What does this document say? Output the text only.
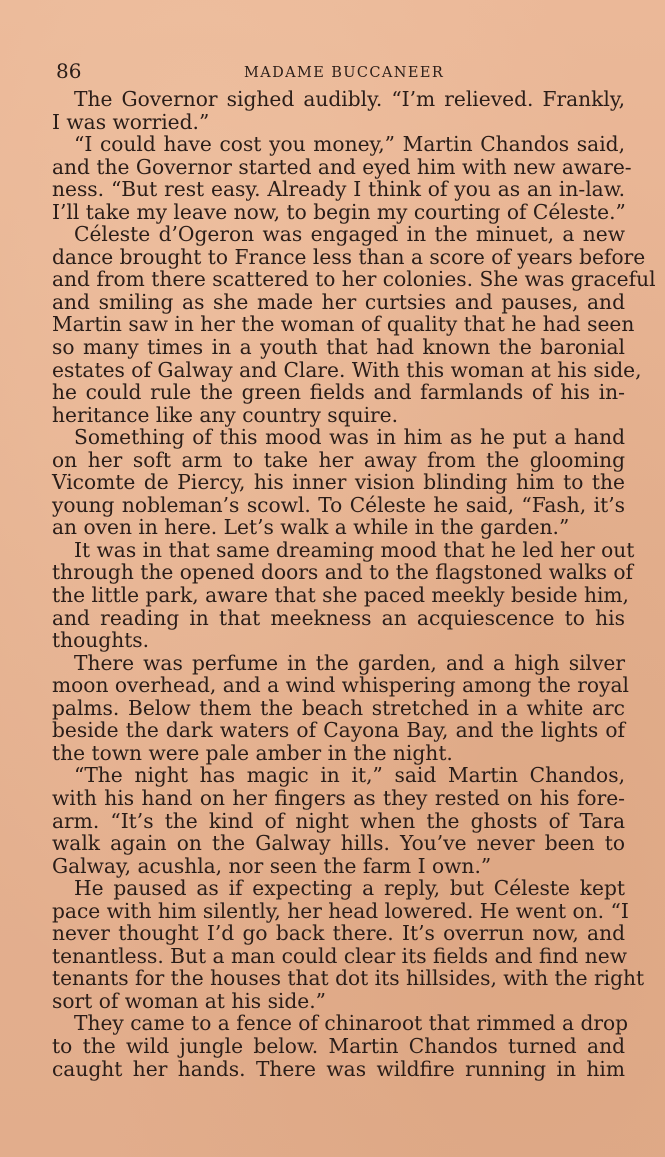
86	MADAME BUCCANEER
The Governor sighed audibly. “I’m relieved. Frankly,
I was worried.”
“I could have cost you money,” Martin Chandos said,
and the Governor started and eyed him with new aware-
ness. “But rest easy. Already I think of you as an in-law.
I’ll take my leave now, to begin my courting of Céleste.”
Céleste d’Ogeron was engaged in the minuet, a new
dance brought to France less than a score of years before
and from there scattered to her colonies. She was graceful
and smiling as she made her curtsies and pauses, and
Martin saw in her the woman of quality that he had seen
so many times in a youth that had known the baronial
estates of Galway and Clare. With this woman at his side,
he could rule the green fields and farmlands of his in-
heritance like any country squire.
Something of this mood was in him as he put a hand
on her soft arm to take her away from the glooming
Vicomte de Piercy, his inner vision blinding him to the
young nobleman’s scowl. To Céleste he said, “Fash, it’s
an oven in here. Let’s walk a while in the garden.”
It was in that same dreaming mood that he led her out
through the opened doors and to the flagstoned walks of
the little park, aware that she paced meekly beside him,
and reading in that meekness an acquiescence to his
thoughts.
There was perfume in the garden, and a high silver
moon overhead, and a wind whispering among the royal
palms. Below them the beach stretched in a white arc
beside the dark waters of Cayona Bay, and the lights of
the town were pale amber in the night.
“The night has magic in it,” said Martin Chandos,
with his hand on her fingers as they rested on his fore-
arm. “It’s the kind of night when the ghosts of Tara
walk again on the Galway hills. You’ve never been to
Galway, acushla, nor seen the farm I own.”
He paused as if expecting a reply, but Céleste kept
pace with him silently, her head lowered. He went on. “I
never thought I’d go back there. It’s overrun now, and
tenantless. But a man could clear its fields and find new
tenants for the houses that dot its hillsides, with the right
sort of woman at his side.”
They came to a fence of chinaroot that rimmed a drop
to the wild jungle below. Martin Chandos turned and
caught her hands. There was wildfire running in him
